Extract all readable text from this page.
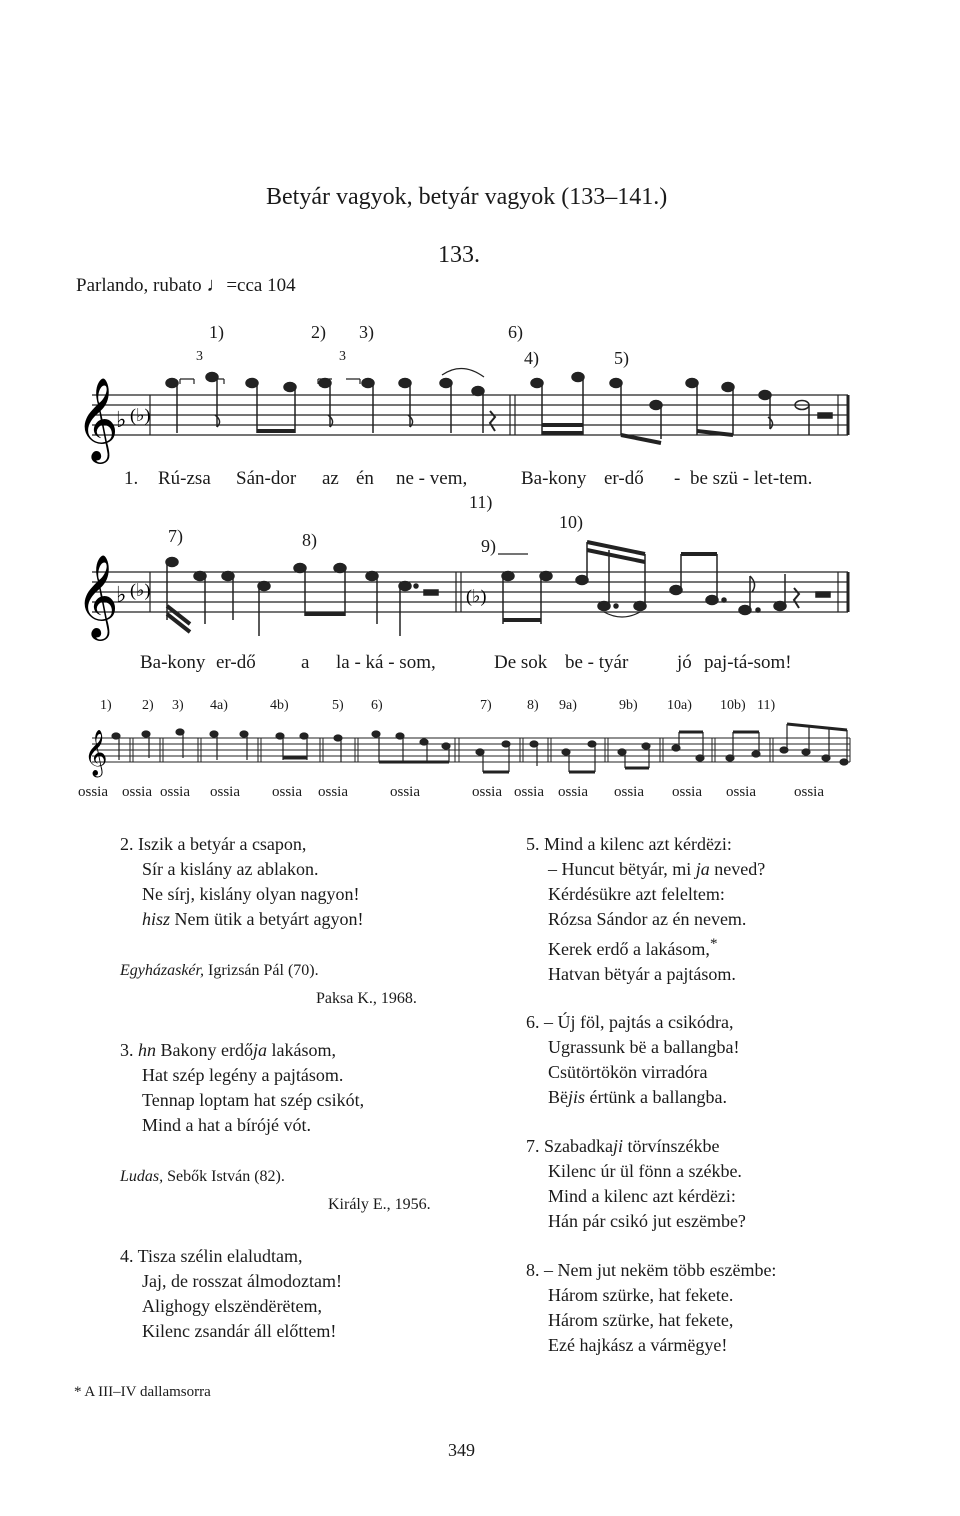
Betyár vagyok, betyár vagyok (133–141.)
133.
Parlando, rubato ♩=cca 104
1)	2) 3)	6)
4)	5)
3	3
𝄞
♭ (♭)
1. Rú-zsa Sán-dor az én ne - vem,	Ba-kony er-dő - be szü - let-tem.
11)
10)
7)	8)	9)
𝄞
♭ (♭)	(♭)
Ba-kony er-dő a la - ká - som,	De sok be - tyár	jó paj-tá-som!
1) 2) 3) 4a)	4b)	5) 6)	7)	8) 9a)	9b) 10a) 10b) 11)
𝄞
ossia ossia ossia ossia ossia ossia	ossia	ossia ossia ossia ossia ossia ossia	ossia
2. Iszik a betyár a csapon,
Sír a kislány az ablakon.
Ne sírj, kislány olyan nagyon!
hisz Nem ütik a betyárt agyon!
Egyházaskér, Igrizsán Pál (70).
Paksa K., 1968.
3. hn Bakony erdőja lakásom,
Hat szép legény a pajtásom.
Tennap loptam hat szép csikót,
Mind a hat a bírójé vót.
Ludas, Sebők István (82).
Király E., 1956.
4. Tisza szélin elaludtam,
Jaj, de rosszat álmodoztam!
Alighogy elszëndërëtem,
Kilenc zsandár áll előttem!
5. Mind a kilenc azt kérdëzi:
– Huncut bëtyár, mi ja neved?
Kérdésükre azt feleltem:
Rózsa Sándor az én nevem.
Kerek erdő a lakásom,*
Hatvan bëtyár a pajtásom.
6. – Új föl, pajtás a csikódra,
Ugrassunk bë a ballangba!
Csütörtökön virradóra
Bëjis értünk a ballangba.
7. Szabadkaji törvínszékbe
Kilenc úr ül fönn a székbe.
Mind a kilenc azt kérdëzi:
Hán pár csikó jut eszëmbe?
8. – Nem jut nekëm több eszëmbe:
Három szürke, hat fekete.
Három szürke, hat fekete,
Ezé hajkász a vármëgye!
* A III–IV dallamsorra
349
